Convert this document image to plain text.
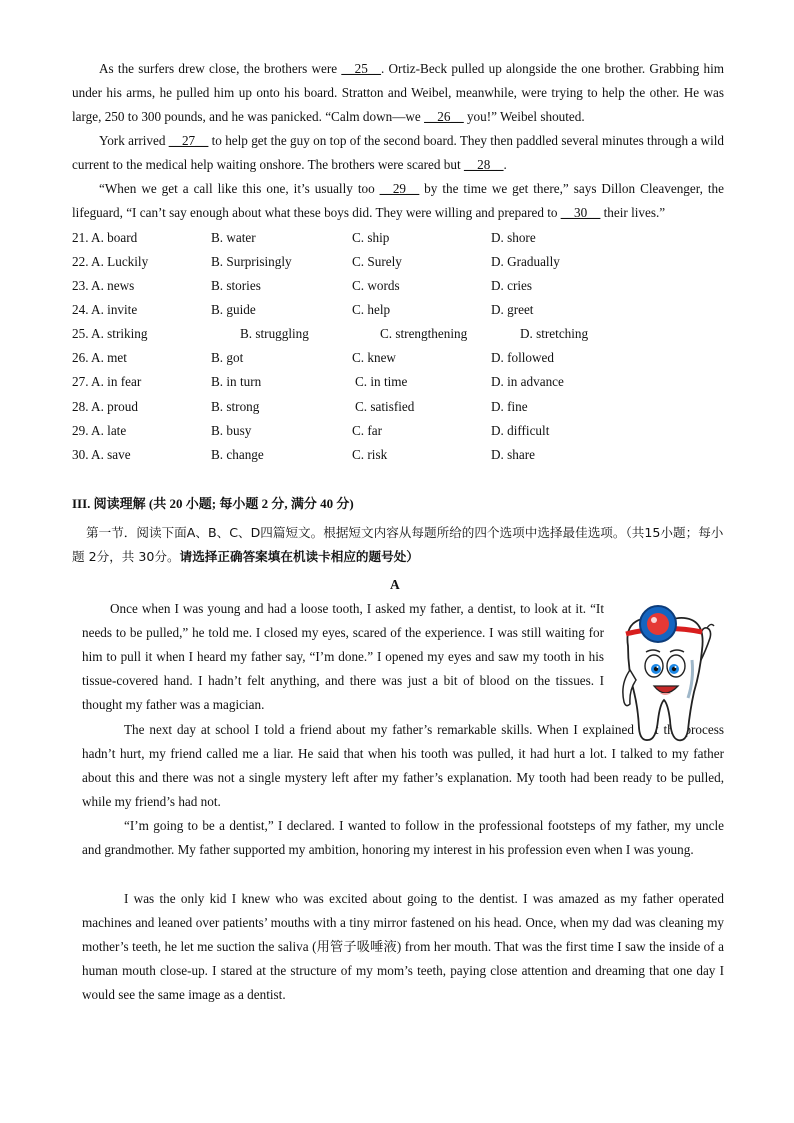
As the surfers drew close, the brothers were __25__. Ortiz-Beck pulled up alongside the one brother. Grabbing him under his arms, he pulled him up onto his board. Stratton and Weibel, meanwhile, were trying to help the other. He was large, 250 to 300 pounds, and he was panicked. “Calm down—we __26__ you!” Weibel shouted.
York arrived __27__ to help get the guy on top of the second board. They then paddled several minutes through a wild current to the medical help waiting onshore. The brothers were scared but __28__.
“When we get a call like this one, it’s usually too __29__ by the time we get there,” says Dillon Cleavenger, the lifeguard, “I can’t say enough about what these boys did. They were willing and prepared to __30__ their lives.”
21. A. board	B. water	C. ship	D. shore
22. A. Luckily	B. Surprisingly	C. Surely	D. Gradually
23. A. news	B. stories	C. words	D. cries
24. A. invite	B. guide	C. help	D. greet
25. A. striking	B. struggling	C. strengthening	D. stretching
26. A. met	B. got	C. knew	D. followed
27. A. in fear	B. in turn	C. in time	D. in advance
28. A. proud	B. strong	C. satisfied	D. fine
29. A. late	B. busy	C. far	D. difficult
30. A. save	B. change	C. risk	D. share
III. 阅读理解 (共 20 小题; 每小题 2 分, 满分 40 分)
第一节．阅读下面A、B、C、D四篇短文。根据短文内容从每题所给的四个选项中选择最佳选项。（共15小题；每小题 2分，共 30分。请选择正确答案填在机读卡相应的题号处）
A
Once when I was young and had a loose tooth, I asked my father, a dentist, to look at it. “It needs to be pulled,” he told me. I closed my eyes, scared of the experience. I was still waiting for him to pull it when I heard my father say, “I’m done.” I opened my eyes and saw my tooth in his tissue-covered hand. I hadn’t felt anything, and there was just a bit of blood on the tissues. I thought my father was a magician.
The next day at school I told a friend about my father’s remarkable skills. When I explained that the process hadn’t hurt, my friend called me a liar. He said that when his tooth was pulled, it had hurt a lot. I talked to my father about this and there was not a single mystery left after my father’s explanation. My tooth had been ready to be pulled, while my friend’s had not.
“I’m going to be a dentist,” I declared. I wanted to follow in the professional footsteps of my father, my uncle and grandmother. My father supported my ambition, honoring my interest in his profession even when I was young.
I was the only kid I knew who was excited about going to the dentist. I was amazed as my father operated machines and leaned over patients’ mouths with a tiny mirror fastened on his head. Once, when my dad was cleaning my mother’s teeth, he let me suction the saliva (用管子吸唾液) from her mouth. That was the first time I saw the inside of a human mouth close-up. I stared at the structure of my mom’s teeth, paying close attention and dreaming that one day I would see the same image as a dentist.
